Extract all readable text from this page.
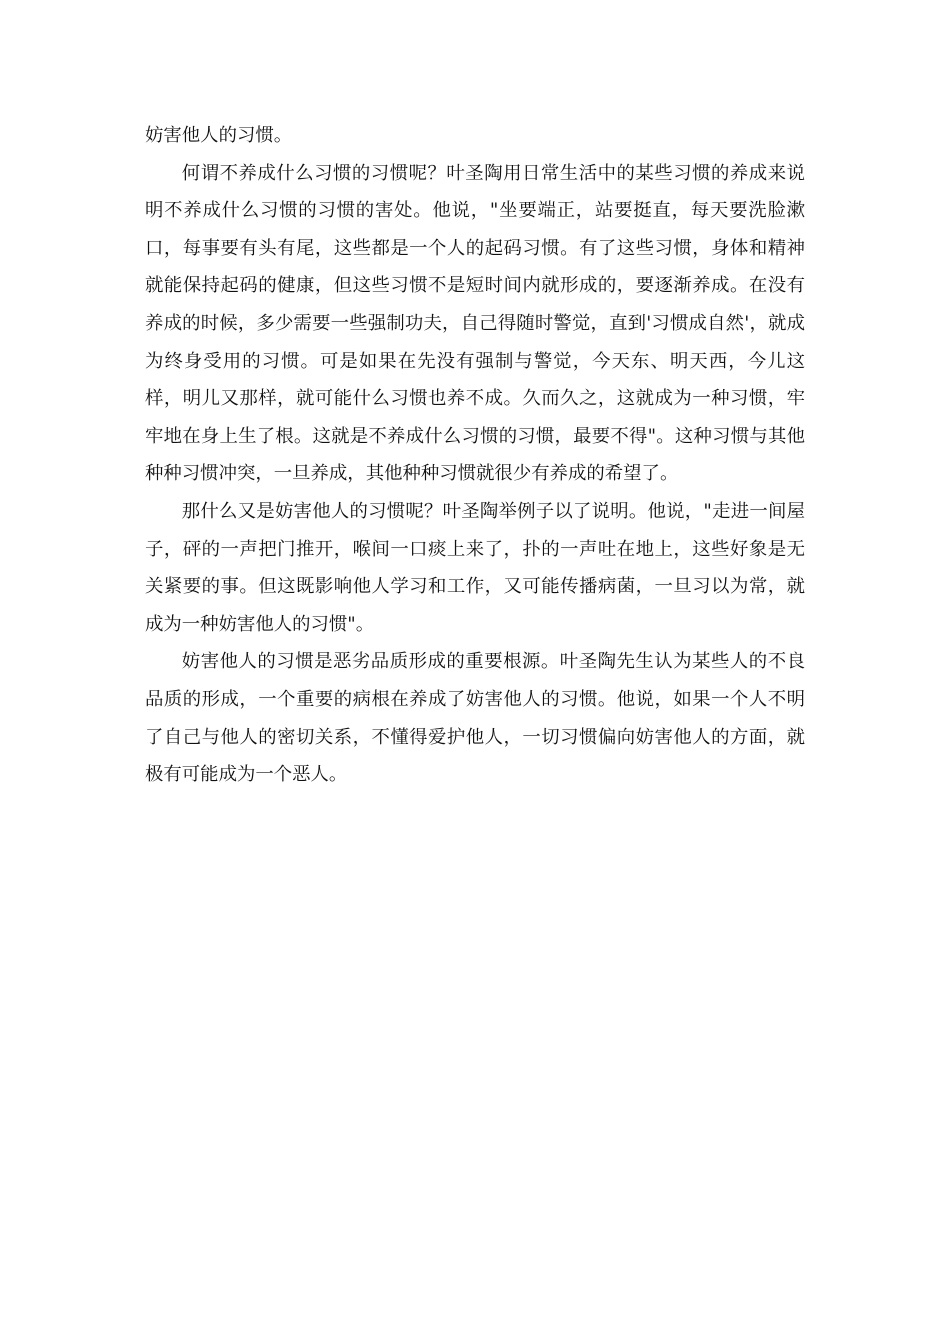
妨害他人的习惯。

何谓不养成什么习惯的习惯呢？叶圣陶用日常生活中的某些习惯的养成来说明不养成什么习惯的习惯的害处。他说，"坐要端正，站要挺直，每天要洗脸漱口，每事要有头有尾，这些都是一个人的起码习惯。有了这些习惯，身体和精神就能保持起码的健康，但这些习惯不是短时间内就形成的，要逐渐养成。在没有养成的时候，多少需要一些强制功夫，自己得随时警觉，直到'习惯成自然'，就成为终身受用的习惯。可是如果在先没有强制与警觉，今天东、明天西，今儿这样，明儿又那样，就可能什么习惯也养不成。久而久之，这就成为一种习惯，牢牢地在身上生了根。这就是不养成什么习惯的习惯，最要不得"。这种习惯与其他种种习惯冲突，一旦养成，其他种种习惯就很少有养成的希望了。

那什么又是妨害他人的习惯呢？叶圣陶举例子以了说明。他说，"走进一间屋子，砰的一声把门推开，喉间一口痰上来了，扑的一声吐在地上，这些好象是无关紧要的事。但这既影响他人学习和工作，又可能传播病菌，一旦习以为常，就成为一种妨害他人的习惯"。

妨害他人的习惯是恶劣品质形成的重要根源。叶圣陶先生认为某些人的不良品质的形成，一个重要的病根在养成了妨害他人的习惯。他说，如果一个人不明了自己与他人的密切关系，不懂得爱护他人，一切习惯偏向妨害他人的方面，就极有可能成为一个恶人。
